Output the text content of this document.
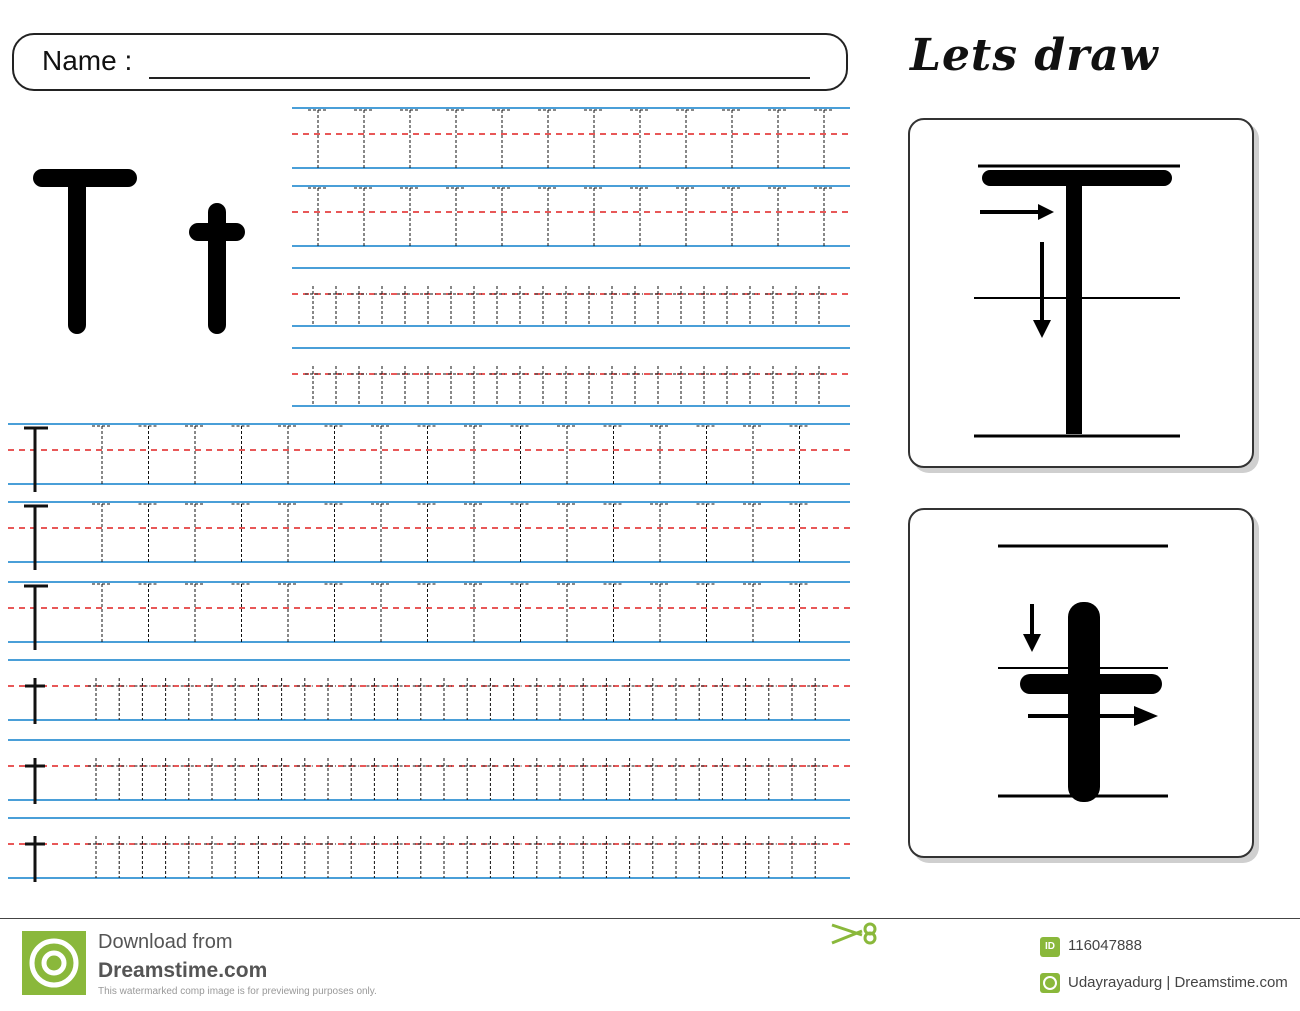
Name :	Lets draw
Download from
Dreamstime.com
This watermarked comp image is for previewing purposes only.
ID 116047888
Udayrayadurg | Dreamstime.com
